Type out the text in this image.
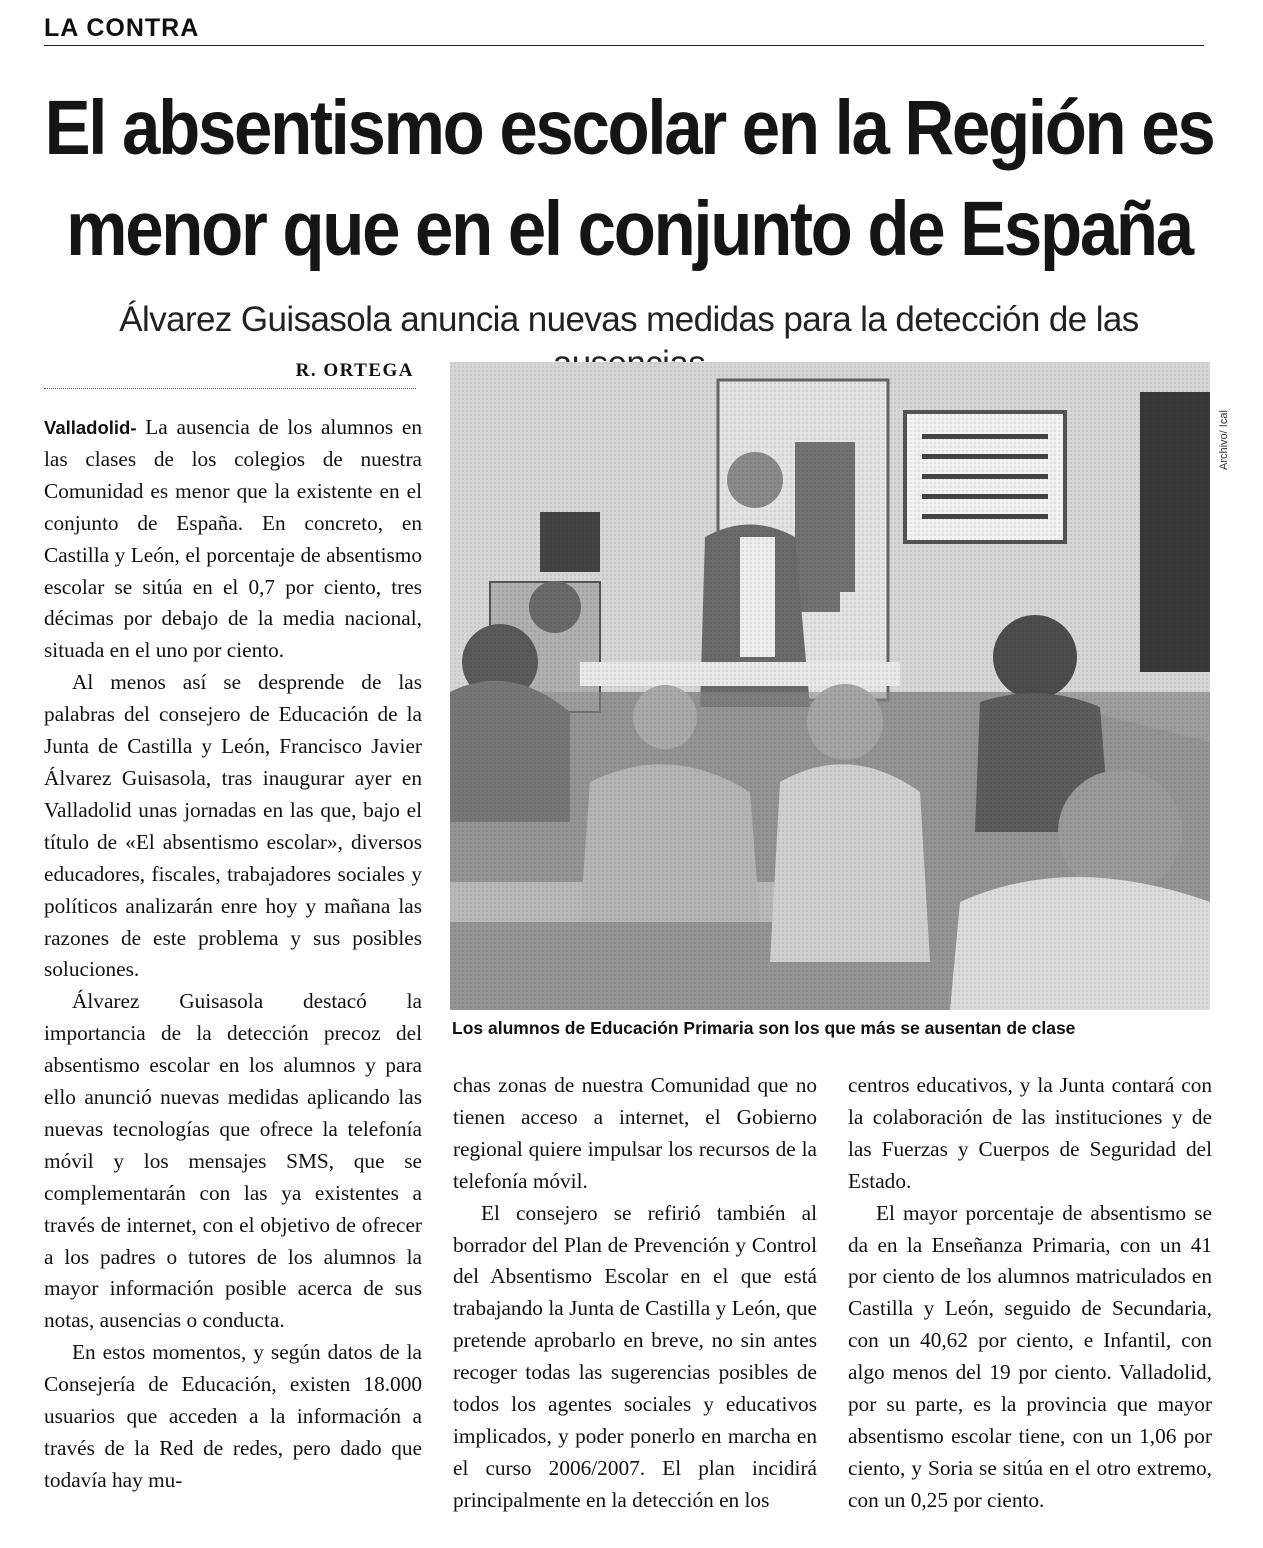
LA CONTRA
El absentismo escolar en la Región es menor que en el conjunto de España
Álvarez Guisasola anuncia nuevas medidas para la detección de las
R. ORTEGA

Valladolid- La ausencia de los alumnos en las clases de los colegios de nuestra Comunidad es menor que la existente en el conjunto de España. En concreto, en Castilla y León, el porcentaje de absentismo escolar se sitúa en el 0,7 por ciento, tres décimas por debajo de la media nacional, situada en el uno por ciento.

Al menos así se desprende de las palabras del consejero de Educación de la Junta de Castilla y León, Francisco Javier Álvarez Guisasola, tras inaugurar ayer en Valladolid unas jornadas en las que, bajo el título de «El absentismo escolar», diversos educadores, fiscales, trabajadores sociales y políticos analizarán enre hoy y mañana las razones de este problema y sus posibles soluciones.

Álvarez Guisasola destacó la importancia de la detección precoz del absentismo escolar en los alumnos y para ello anunció nuevas medidas aplicando las nuevas tecnologías que ofrece la telefonía móvil y los mensajes SMS, que se complementarán con las ya existentes a través de internet, con el objetivo de ofrecer a los padres o tutores de los alumnos la mayor información posible acerca de sus notas, ausencias o conducta.

En estos momentos, y según datos de la Consejería de Educación, existen 18.000 usuarios que acceden a la información a través de la Red de redes, pero dado que todavía hay mu-

Archivo/ Ical
Los alumnos de Educación Primaria son los que más se ausentan de clase

chas zonas de nuestra Comunidad que no tienen acceso a internet, el Gobierno regional quiere impulsar los recursos de la telefonía móvil.

El consejero se refirió también al borrador del Plan de Prevención y Control del Absentismo Escolar en el que está trabajando la Junta de Castilla y León, que pretende aprobarlo en breve, no sin antes recoger todas las sugerencias posibles de todos los agentes sociales y educativos implicados, y poder ponerlo en marcha en el curso 2006/2007. El plan incidirá principalmente en la detección en los

centros educativos, y la Junta contará con la colaboración de las instituciones y de las Fuerzas y Cuerpos de Seguridad del Estado.

El mayor porcentaje de absentismo se da en la Enseñanza Primaria, con un 41 por ciento de los alumnos matriculados en Castilla y León, seguido de Secundaria, con un 40,62 por ciento, e Infantil, con algo menos del 19 por ciento. Valladolid, por su parte, es la provincia que mayor absentismo escolar tiene, con un 1,06 por ciento, y Soria se sitúa en el otro extremo, con un 0,25 por ciento.
